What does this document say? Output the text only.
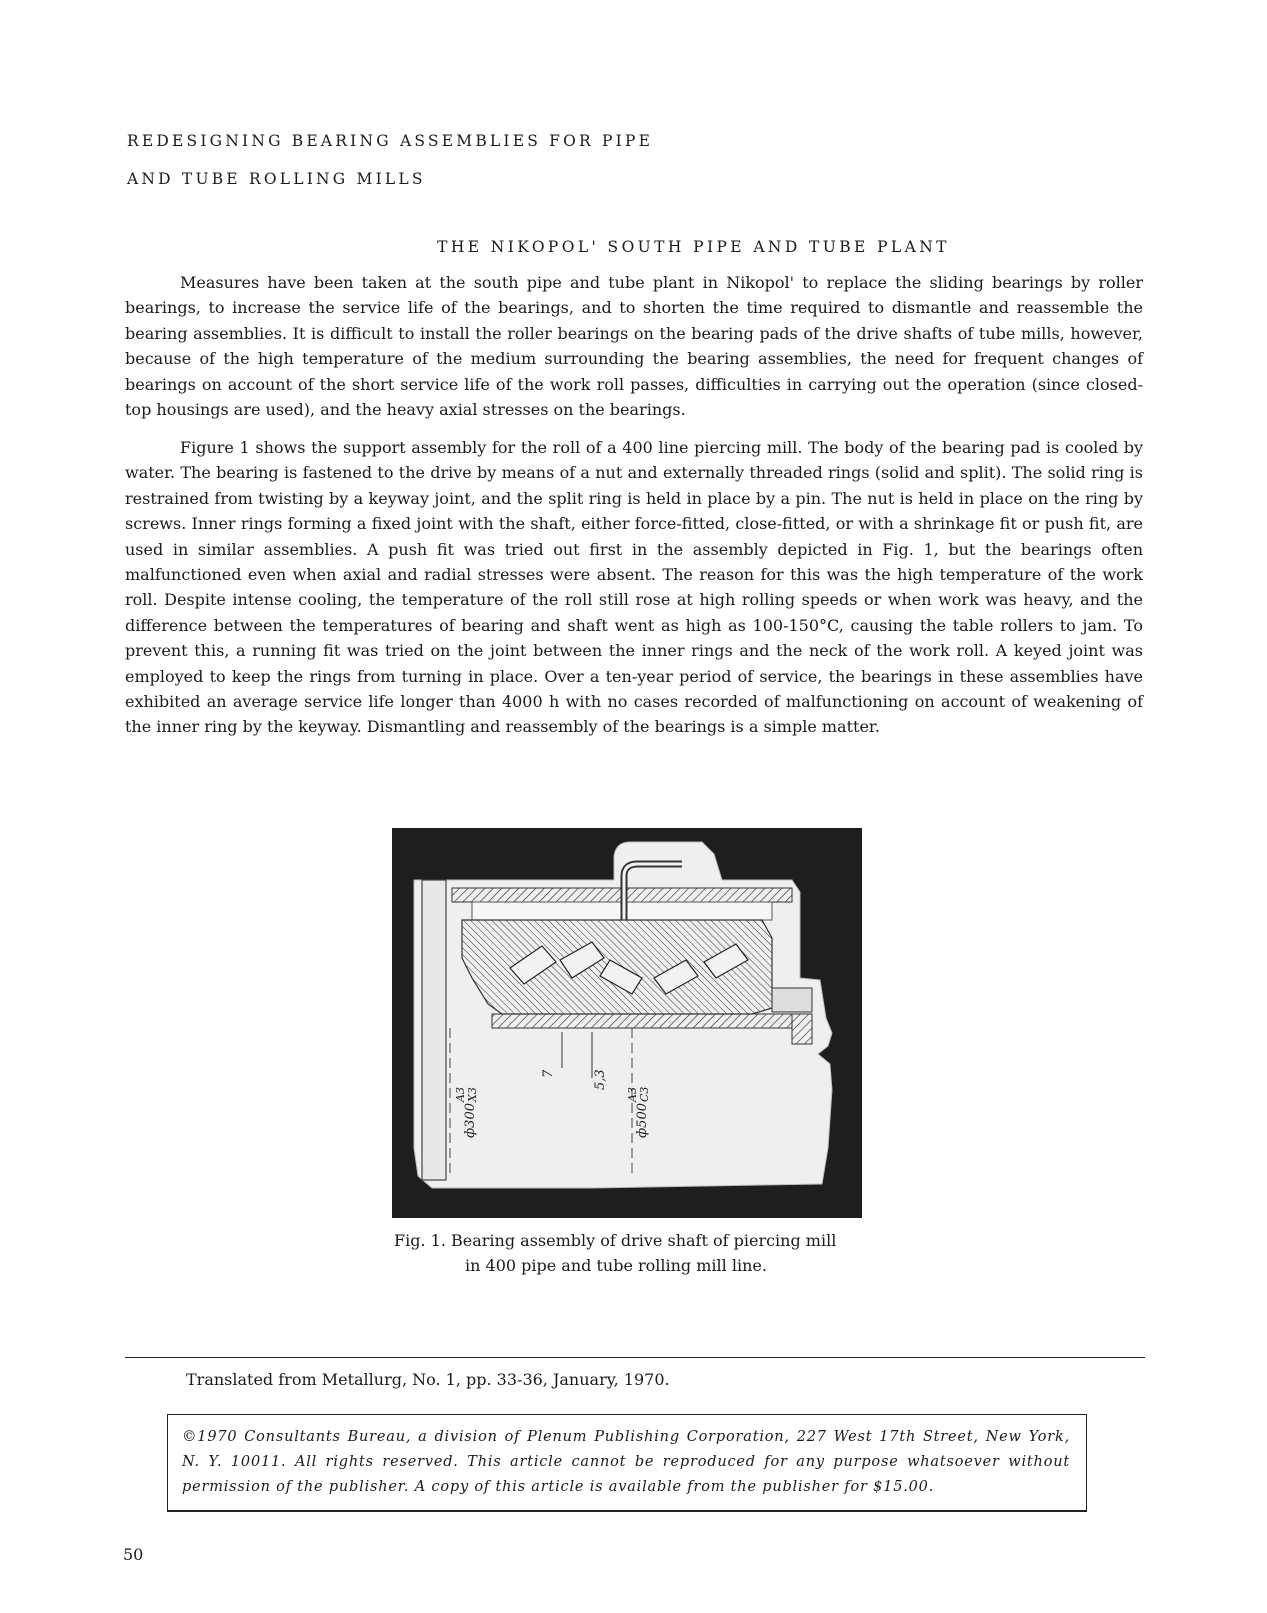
REDESIGNING BEARING ASSEMBLIES FOR PIPE
AND TUBE ROLLING MILLS
THE NIKOPOL' SOUTH PIPE AND TUBE PLANT

Measures have been taken at the south pipe and tube plant in Nikopol' to replace the sliding bearings by roller bearings, to increase the service life of the bearings, and to shorten the time required to dismantle and reassemble the bearing assemblies. It is difficult to install the roller bearings on the bearing pads of the drive shafts of tube mills, however, because of the high temperature of the medium surrounding the bearing assemblies, the need for frequent changes of bearings on account of the short service life of the work roll passes, difficulties in carrying out the operation (since closed-top housings are used), and the heavy axial stresses on the bearings.

Figure 1 shows the support assembly for the roll of a 400 line piercing mill. The body of the bearing pad is cooled by water. The bearing is fastened to the drive by means of a nut and externally threaded rings (solid and split). The solid ring is restrained from twisting by a keyway joint, and the split ring is held in place by a pin. The nut is held in place on the ring by screws. Inner rings forming a fixed joint with the shaft, either force-fitted, close-fitted, or with a shrinkage fit or push fit, are used in similar assemblies. A push fit was tried out first in the assembly depicted in Fig. 1, but the bearings often malfunctioned even when axial and radial stresses were absent. The reason for this was the high temperature of the work roll. Despite intense cooling, the temperature of the roll still rose at high rolling speeds or when work was heavy, and the difference between the temperatures of bearing and shaft went as high as 100-150°C, causing the table rollers to jam. To prevent this, a running fit was tried on the joint between the inner rings and the neck of the work roll. A keyed joint was employed to keep the rings from turning in place. Over a ten-year period of service, the bearings in these assemblies have exhibited an average service life longer than 4000 h with no cases recorded of malfunctioning on account of weakening of the inner ring by the keyway. Dismantling and reassembly of the bearings is a simple matter.

ф300
A3 X3
7	5,3
ф500
A3 C3
Fig. 1. Bearing assembly of drive shaft of piercing mill
in 400 pipe and tube rolling mill line.
Translated from Metallurg, No. 1, pp. 33-36, January, 1970.
©1970 Consultants Bureau, a division of Plenum Publishing Corporation, 227 West 17th Street, New York, N. Y. 10011. All rights reserved. This article cannot be reproduced for any purpose whatsoever without permission of the publisher. A copy of this article is available from the publisher for $15.00.
50
